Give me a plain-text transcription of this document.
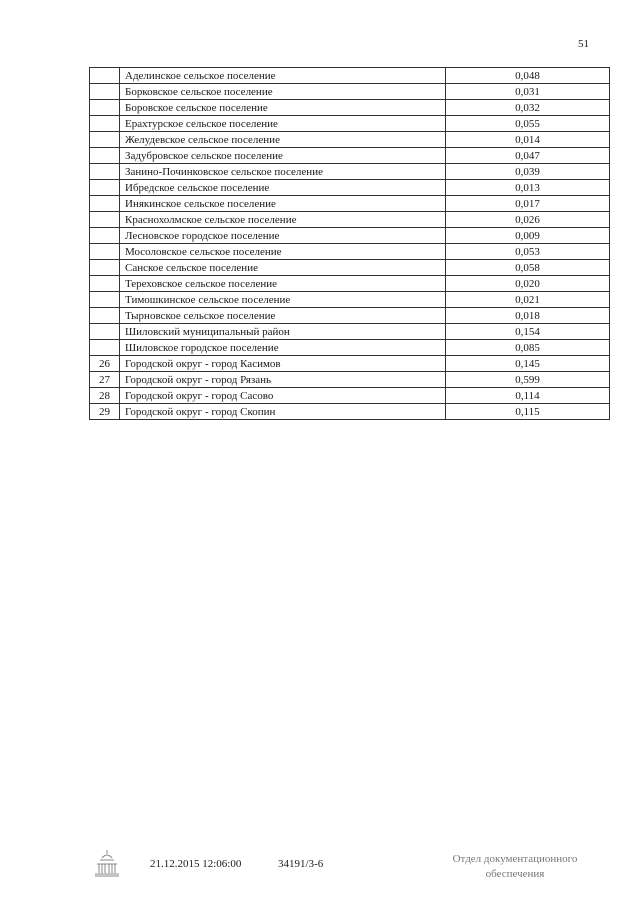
51
	Аделинское сельское поселение	0,048
	Борковское сельское поселение	0,031
	Боровское сельское поселение	0,032
	Ерахтурское сельское поселение	0,055
	Желудевское сельское поселение	0,014
	Задубровское сельское поселение	0,047
	Занино-Починковское сельское поселение	0,039
	Ибредское сельское поселение	0,013
	Инякинское сельское поселение	0,017
	Краснохолмское сельское поселение	0,026
	Лесновское городское поселение	0,009
	Мосоловское сельское поселение	0,053
	Санское сельское поселение	0,058
	Тереховское сельское поселение	0,020
	Тимошкинское сельское поселение	0,021
	Тырновское сельское поселение	0,018
	Шиловский муниципальный район	0,154
	Шиловское городское поселение	0,085
26	Городской округ - город Касимов	0,145
27	Городской округ - город Рязань	0,599
28	Городской округ - город Сасово	0,114
29	Городской округ - город Скопин	0,115
21.12.2015 12:06:00	34191/3-6	Отдел документационного
обеспечения
